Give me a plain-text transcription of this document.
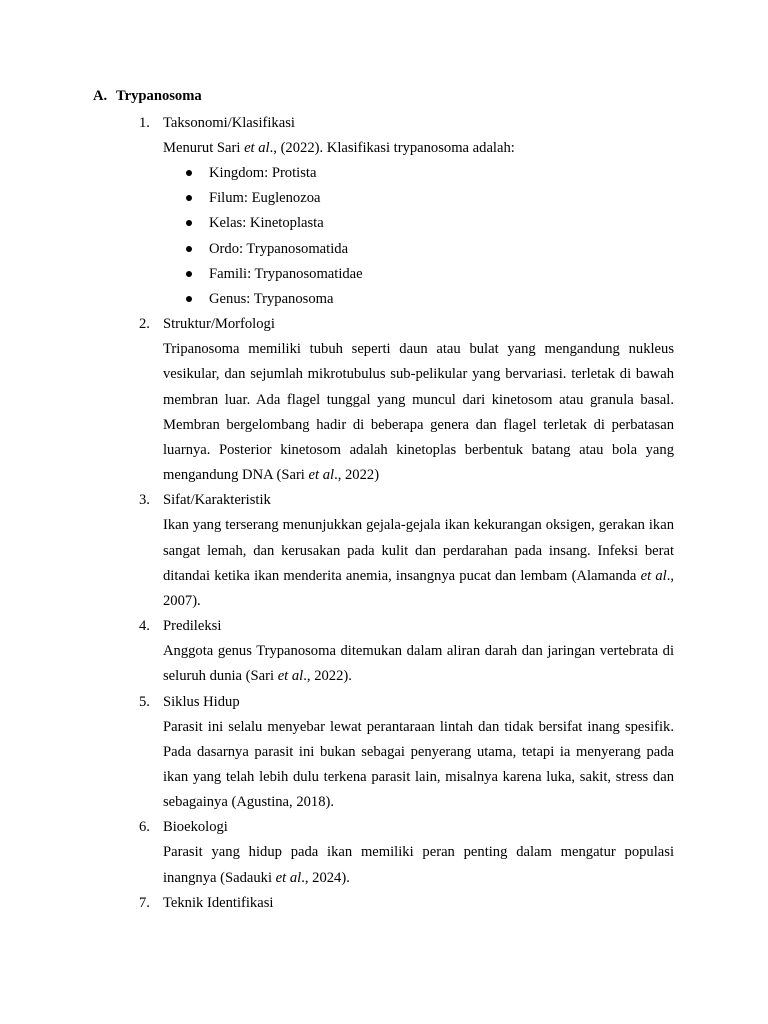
A. Trypanosoma
1. Taksonomi/Klasifikasi
Menurut Sari et al., (2022). Klasifikasi trypanosoma adalah:
Kingdom: Protista
Filum: Euglenozoa
Kelas: Kinetoplasta
Ordo: Trypanosomatida
Famili: Trypanosomatidae
Genus: Trypanosoma
2. Struktur/Morfologi
Tripanosoma memiliki tubuh seperti daun atau bulat yang mengandung nukleus vesikular, dan sejumlah mikrotubulus sub-pelikular yang bervariasi. terletak di bawah membran luar. Ada flagel tunggal yang muncul dari kinetosom atau granula basal. Membran bergelombang hadir di beberapa genera dan flagel terletak di perbatasan luarnya. Posterior kinetosom adalah kinetoplas berbentuk batang atau bola yang mengandung DNA (Sari et al., 2022)
3. Sifat/Karakteristik
Ikan yang terserang menunjukkan gejala-gejala ikan kekurangan oksigen, gerakan ikan sangat lemah, dan kerusakan pada kulit dan perdarahan pada insang. Infeksi berat ditandai ketika ikan menderita anemia, insangnya pucat dan lembam (Alamanda et al., 2007).
4. Predileksi
Anggota genus Trypanosoma ditemukan dalam aliran darah dan jaringan vertebrata di seluruh dunia (Sari et al., 2022).
5. Siklus Hidup
Parasit ini selalu menyebar lewat perantaraan lintah dan tidak bersifat inang spesifik. Pada dasarnya parasit ini bukan sebagai penyerang utama, tetapi ia menyerang pada ikan yang telah lebih dulu terkena parasit lain, misalnya karena luka, sakit, stress dan sebagainya (Agustina, 2018).
6. Bioekologi
Parasit yang hidup pada ikan memiliki peran penting dalam mengatur populasi inangnya (Sadauki et al., 2024).
7. Teknik Identifikasi
